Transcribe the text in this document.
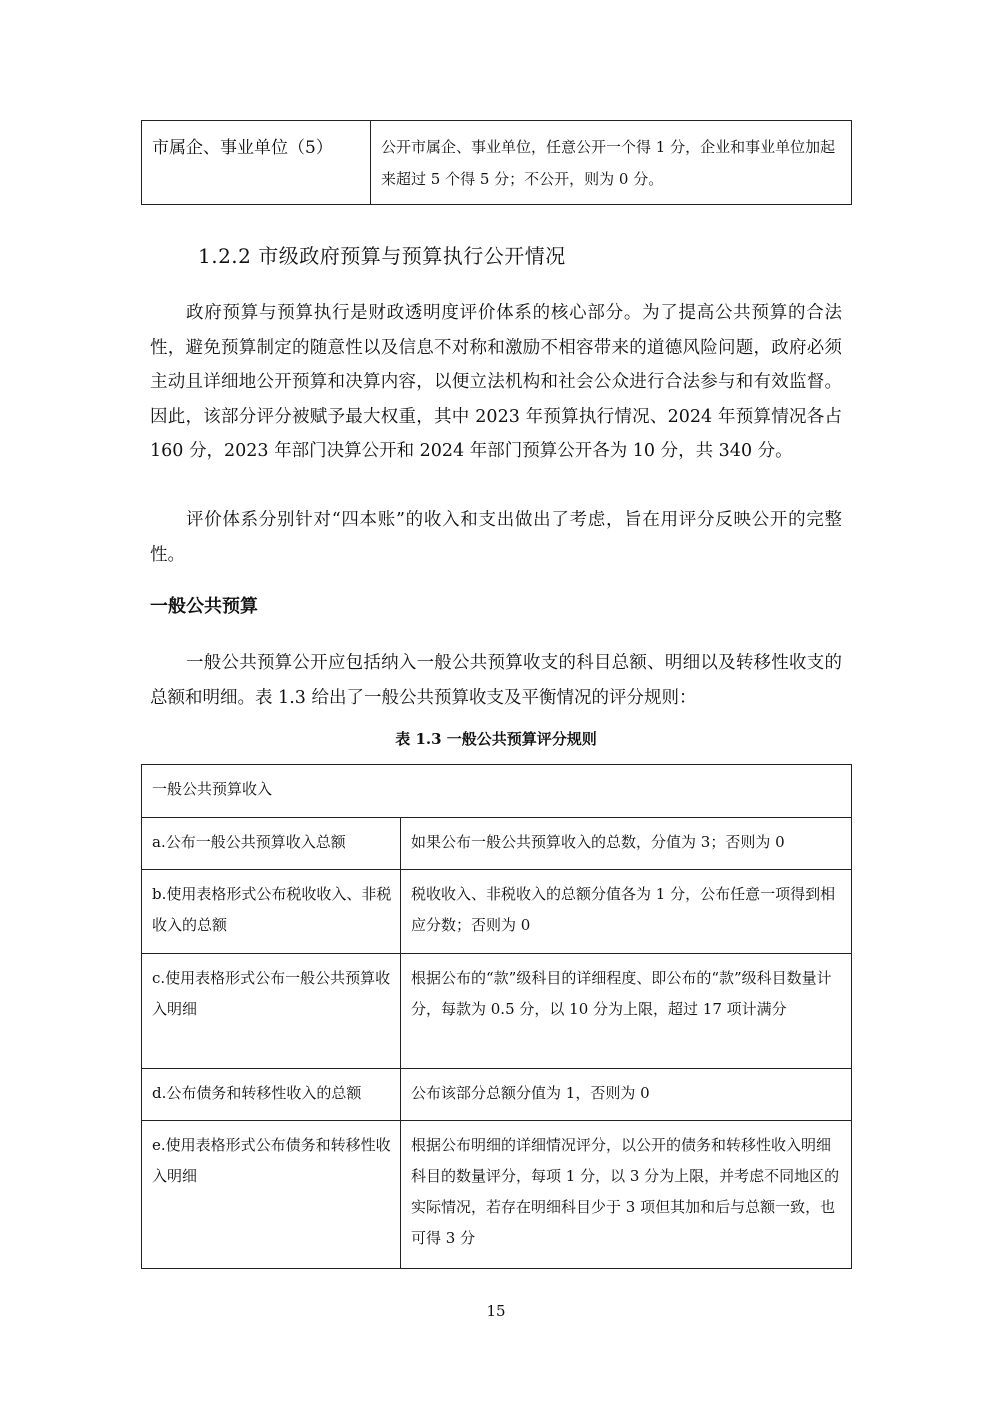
市属企、事业单位（5）	公开市属企、事业单位，任意公开一个得 1 分，企业和事业单位加起来超过 5 个得 5 分；不公开，则为 0 分。
1.2.2 市级政府预算与预算执行公开情况

政府预算与预算执行是财政透明度评价体系的核心部分。为了提高公共预算的合法性，避免预算制定的随意性以及信息不对称和激励不相容带来的道德风险问题，政府必须主动且详细地公开预算和决算内容，以便立法机构和社会公众进行合法参与和有效监督。因此，该部分评分被赋予最大权重，其中 2023 年预算执行情况、2024 年预算情况各占 160 分，2023 年部门决算公开和 2024 年部门预算公开各为 10 分，共 340 分。

评价体系分别针对“四本账”的收入和支出做出了考虑，旨在用评分反映公开的完整性。

一般公共预算

一般公共预算公开应包括纳入一般公共预算收支的科目总额、明细以及转移性收支的总额和明细。表 1.3 给出了一般公共预算收支及平衡情况的评分规则：

表 1.3 一般公共预算评分规则
一般公共预算收入	
a.公布一般公共预算收入总额	如果公布一般公共预算收入的总数，分值为 3；否则为 0
b.使用表格形式公布税收收入、非税收入的总额	税收收入、非税收入的总额分值各为 1 分，公布任意一项得到相应分数；否则为 0
c.使用表格形式公布一般公共预算收入明细	根据公布的“款”级科目的详细程度、即公布的“款”级科目数量计分，每款为 0.5 分，以 10 分为上限，超过 17 项计满分
d.公布债务和转移性收入的总额	公布该部分总额分值为 1，否则为 0
e.使用表格形式公布债务和转移性收入明细	根据公布明细的详细情况评分，以公开的债务和转移性收入明细科目的数量评分，每项 1 分，以 3 分为上限，并考虑不同地区的实际情况，若存在明细科目少于 3 项但其加和后与总额一致，也可得 3 分
15
